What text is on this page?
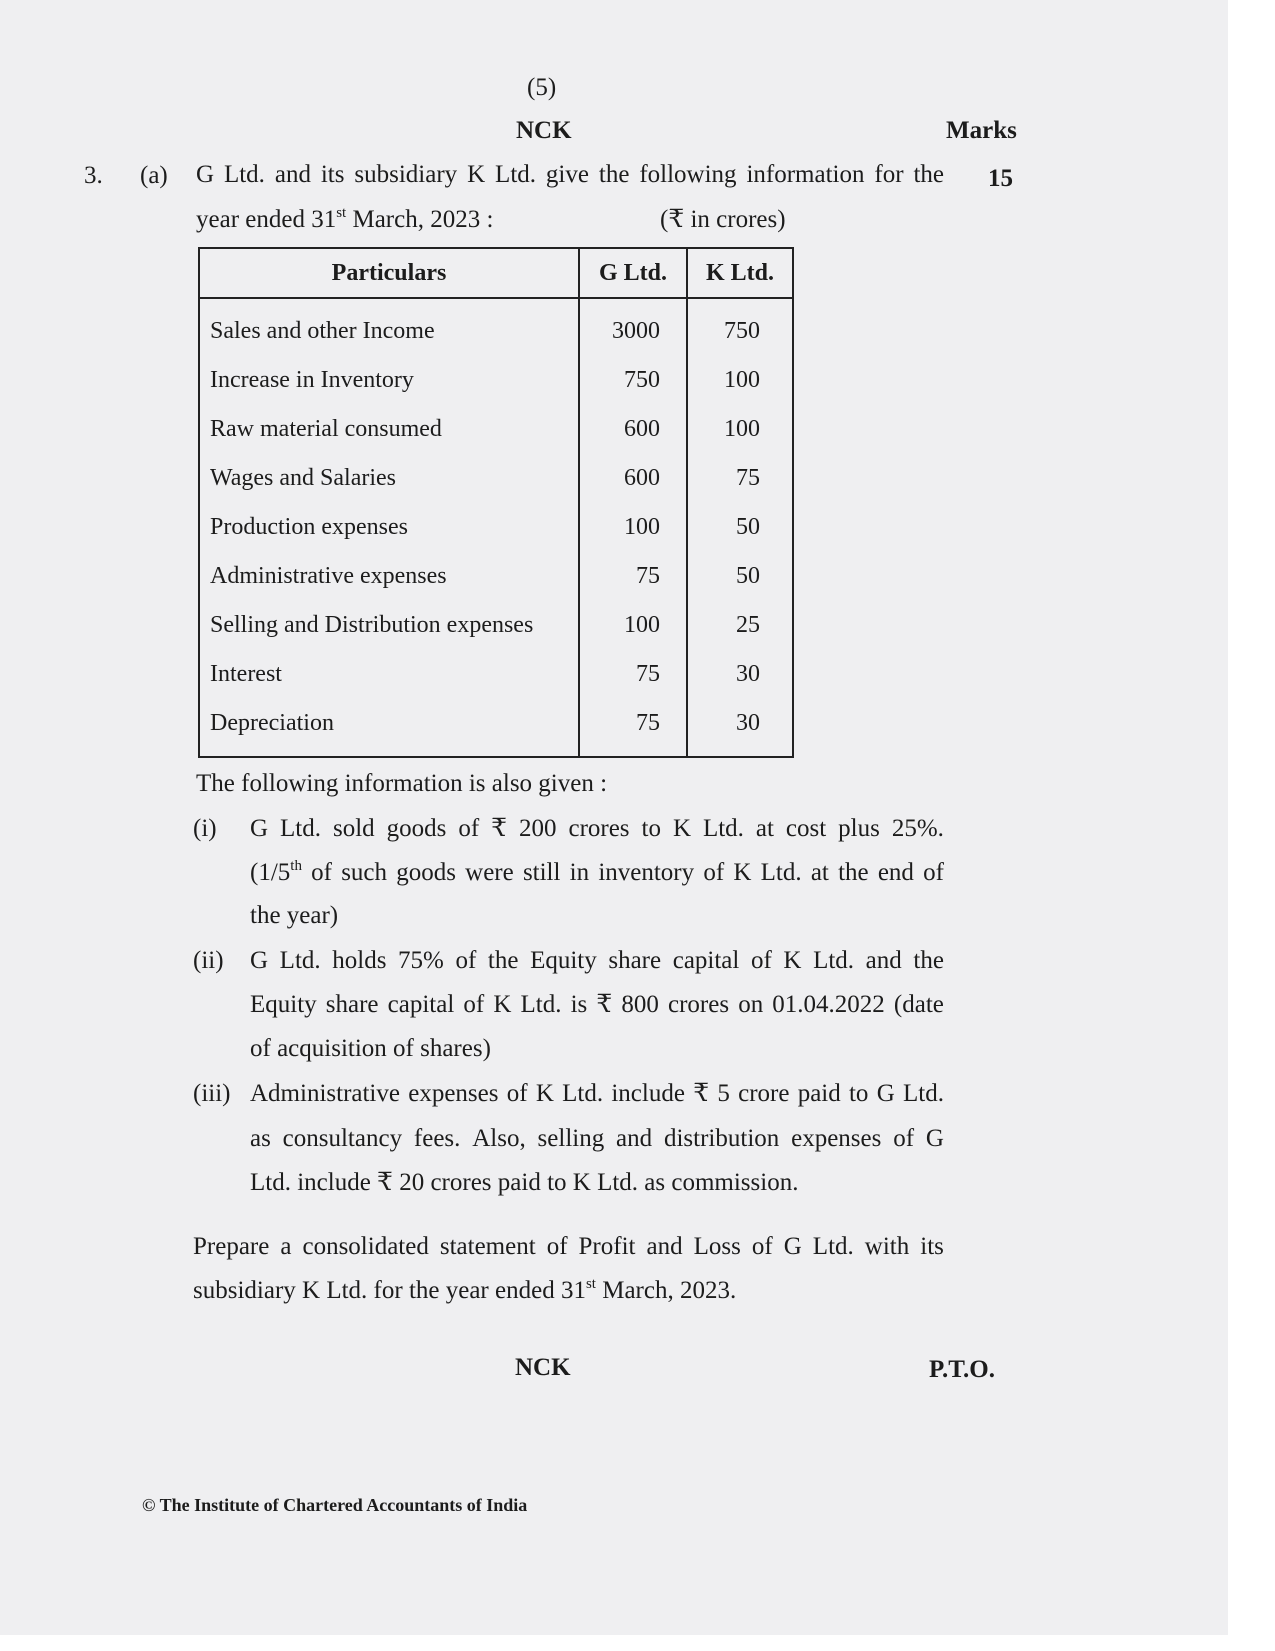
(5)
NCK	Marks
3. (a)	15
G Ltd. and its subsidiary K Ltd. give the following information for the
year ended 31st March, 2023 :	(₹ in crores)
Particulars	G Ltd.	K Ltd.
Sales and other Income	3000	750
Increase in Inventory	750	100
Raw material consumed	600	100
Wages and Salaries	600	75
Production expenses	100	50
Administrative expenses	75	50
Selling and Distribution expenses	100	25
Interest	75	30
Depreciation	75	30
The following information is also given :
(i) G Ltd. sold goods of ₹ 200 crores to K Ltd. at cost plus 25%.
(1/5th of such goods were still in inventory of K Ltd. at the end of
the year)
(ii) G Ltd. holds 75% of the Equity share capital of K Ltd. and the
Equity share capital of K Ltd. is ₹ 800 crores on 01.04.2022 (date
of acquisition of shares)
(iii) Administrative expenses of K Ltd. include ₹ 5 crore paid to G Ltd.
as consultancy fees. Also, selling and distribution expenses of G
Ltd. include ₹ 20 crores paid to K Ltd. as commission.
Prepare a consolidated statement of Profit and Loss of G Ltd. with its
subsidiary K Ltd. for the year ended 31st March, 2023.
NCK	P.T.O.
© The Institute of Chartered Accountants of India
